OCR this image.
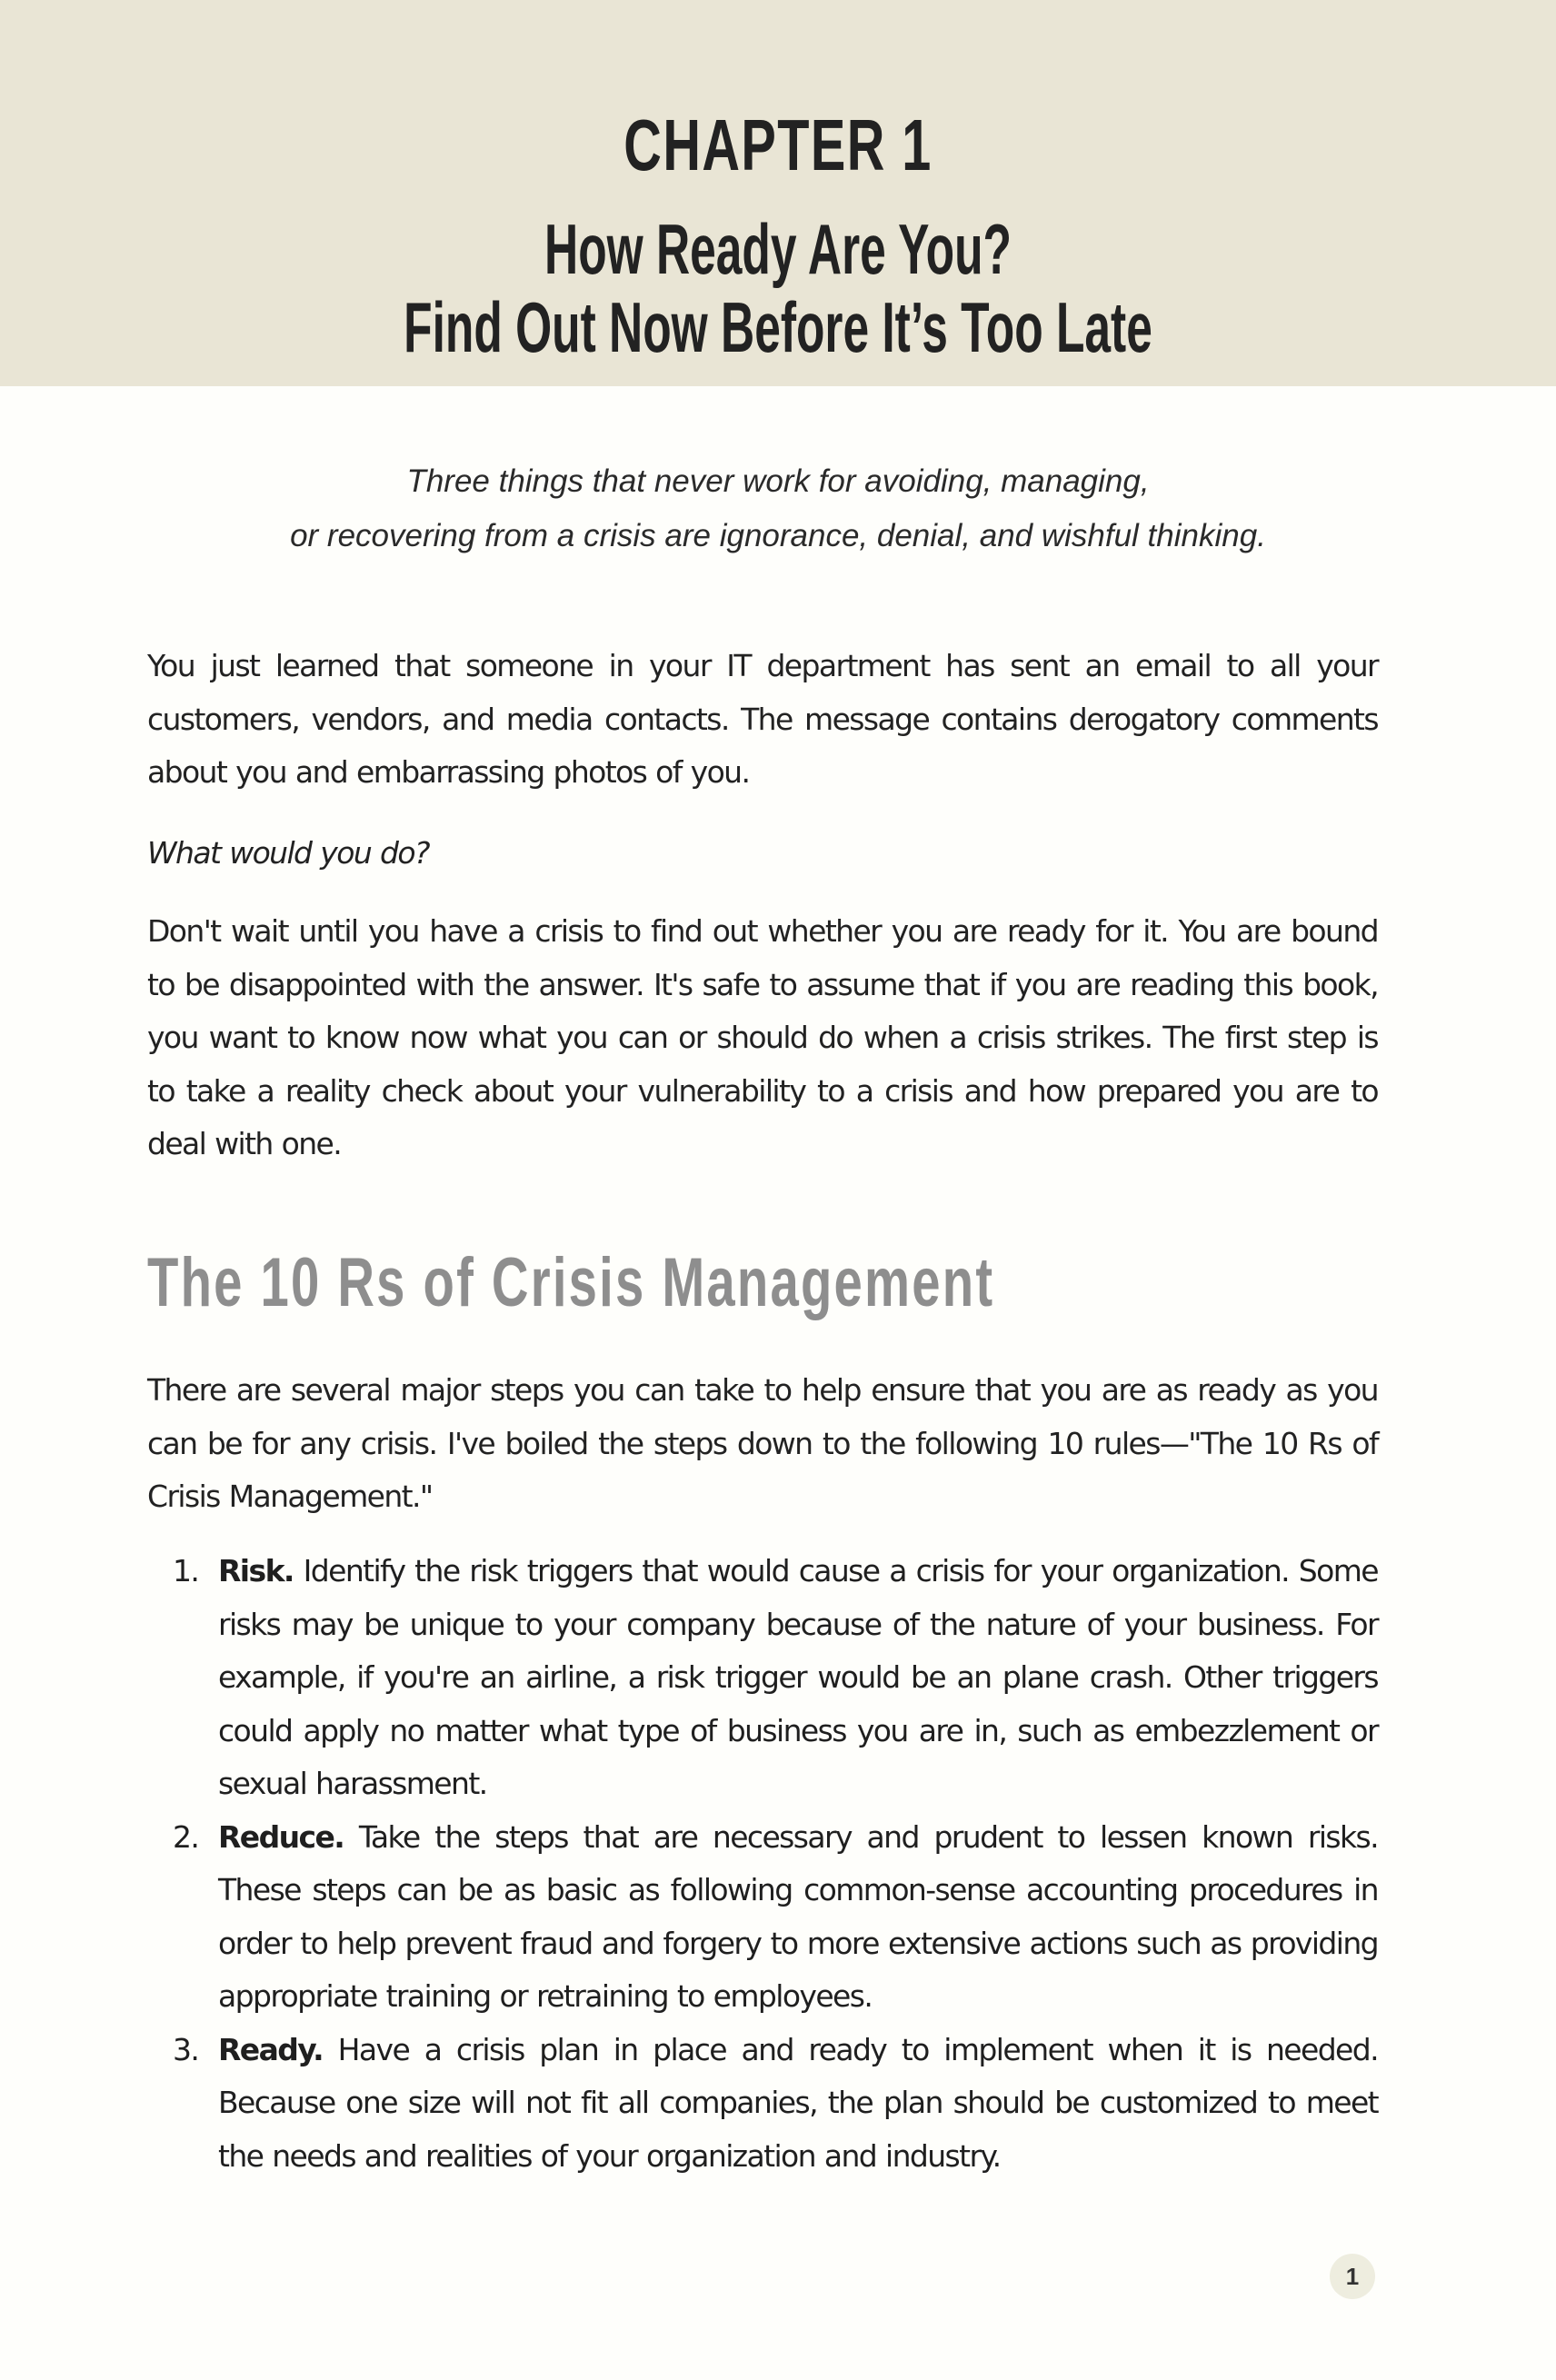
CHAPTER 1
How Ready Are You?
Find Out Now Before It’s Too Late
Three things that never work for avoiding, managing,
or recovering from a crisis are ignorance, denial, and wishful thinking.
You just learned that someone in your IT department has sent an email to all your customers, vendors, and media contacts. The message contains derogatory comments about you and embarrassing photos of you.
What would you do?
Don't wait until you have a crisis to find out whether you are ready for it. You are bound to be disappointed with the answer. It's safe to assume that if you are reading this book, you want to know now what you can or should do when a crisis strikes. The first step is to take a reality check about your vulnerability to a crisis and how prepared you are to deal with one.
The 10 Rs of Crisis Management
There are several major steps you can take to help ensure that you are as ready as you can be for any crisis. I've boiled the steps down to the following 10 rules—"The 10 Rs of Crisis Management."
1. Risk. Identify the risk triggers that would cause a crisis for your organization. Some risks may be unique to your company because of the nature of your business. For example, if you're an airline, a risk trigger would be an plane crash. Other triggers could apply no matter what type of business you are in, such as embezzlement or sexual harassment.
2. Reduce. Take the steps that are necessary and prudent to lessen known risks. These steps can be as basic as following common-sense accounting procedures in order to help prevent fraud and forgery to more extensive actions such as providing appropriate training or retraining to employees.
3. Ready. Have a crisis plan in place and ready to implement when it is needed. Because one size will not fit all companies, the plan should be customized to meet the needs and realities of your organization and industry.
1
